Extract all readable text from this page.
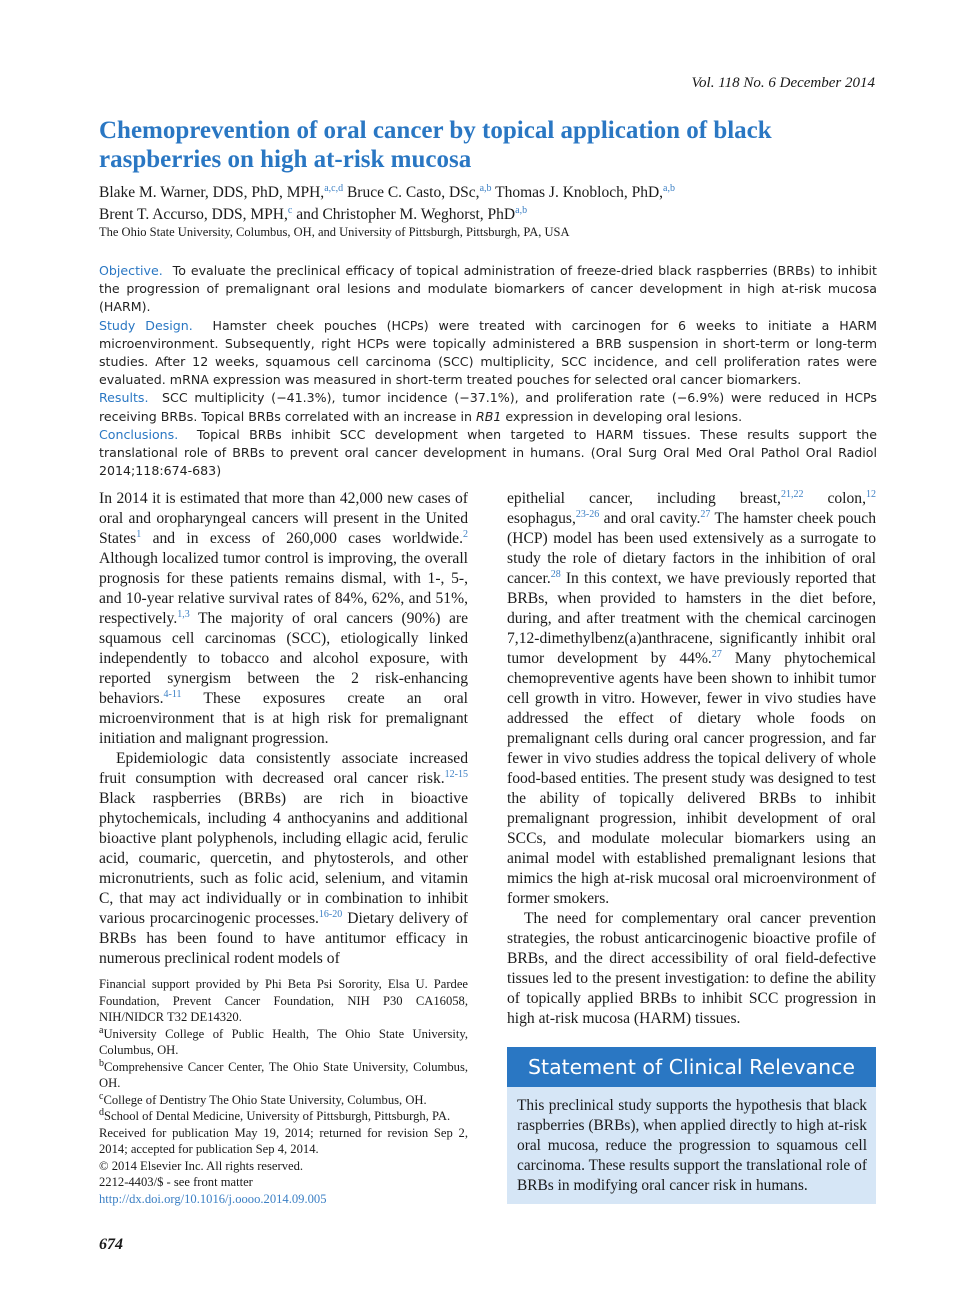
Vol. 118 No. 6 December 2014
Chemoprevention of oral cancer by topical application of black raspberries on high at-risk mucosa
Blake M. Warner, DDS, PhD, MPH,$^{a,c,d}$ Bruce C. Casto, DSc,$^{a,b}$ Thomas J. Knobloch, PhD,$^{a,b}$
Brent T. Accurso, DDS, MPH,$^c$ and Christopher M. Weghorst, PhD$^{a,b}$
The Ohio State University, Columbus, OH, and University of Pittsburgh, Pittsburgh, PA, USA

Objective. To evaluate the preclinical efficacy of topical administration of freeze-dried black raspberries (BRBs) to inhibit the progression of premalignant oral lesions and modulate biomarkers of cancer development in high at-risk mucosa (HARM).

Study Design. Hamster cheek pouches (HCPs) were treated with carcinogen for 6 weeks to initiate a HARM microenvironment. Subsequently, right HCPs were topically administered a BRB suspension in short-term or long-term studies. After 12 weeks, squamous cell carcinoma (SCC) multiplicity, SCC incidence, and cell proliferation rates were evaluated. mRNA expression was measured in short-term treated pouches for selected oral cancer biomarkers.

Results. SCC multiplicity (−41.3%), tumor incidence (−37.1%), and proliferation rate (−6.9%) were reduced in HCPs receiving BRBs. Topical BRBs correlated with an increase in RB1 expression in developing oral lesions.

Conclusions. Topical BRBs inhibit SCC development when targeted to HARM tissues. These results support the translational role of BRBs to prevent oral cancer development in humans. (Oral Surg Oral Med Oral Pathol Oral Radiol 2014;118:674-683)

In 2014 it is estimated that more than 42,000 new cases of oral and oropharyngeal cancers will present in the United States$^1$ and in excess of 260,000 cases worldwide.$^2$ Although localized tumor control is improving, the overall prognosis for these patients remains dismal, with 1-, 5-, and 10-year relative survival rates of 84%, 62%, and 51%, respectively.$^{1,3}$ The majority of oral cancers (90%) are squamous cell carcinomas (SCC), etiologically linked independently to tobacco and alcohol exposure, with reported synergism between the 2 risk-enhancing behaviors.$^{4-11}$ These exposures create an oral microenvironment that is at high risk for premalignant initiation and malignant progression.

Epidemiologic data consistently associate increased fruit consumption with decreased oral cancer risk.$^{12-15}$ Black raspberries (BRBs) are rich in bioactive phytochemicals, including 4 anthocyanins and additional bioactive plant polyphenols, including ellagic acid, ferulic acid, coumaric, quercetin, and phytosterols, and other micronutrients, such as folic acid, selenium, and vitamin C, that may act individually or in combination to inhibit various procarcinogenic processes.$^{16-20}$ Dietary delivery of BRBs has been found to have antitumor efficacy in numerous preclinical rodent models of

Financial support provided by Phi Beta Psi Sorority, Elsa U. Pardee Foundation, Prevent Cancer Foundation, NIH P30 CA16058, NIH/NIDCR T32 DE14320.

$^a$University College of Public Health, The Ohio State University, Columbus, OH.

$^b$Comprehensive Cancer Center, The Ohio State University, Columbus, OH.

$^c$College of Dentistry The Ohio State University, Columbus, OH.

$^d$School of Dental Medicine, University of Pittsburgh, Pittsburgh, PA.

Received for publication May 19, 2014; returned for revision Sep 2, 2014; accepted for publication Sep 4, 2014.

© 2014 Elsevier Inc. All rights reserved.

2212-4403/$ - see front matter

http://dx.doi.org/10.1016/j.oooo.2014.09.005

epithelial cancer, including breast,$^{21,22}$ colon,$^{12}$ esophagus,$^{23-26}$ and oral cavity.$^{27}$ The hamster cheek pouch (HCP) model has been used extensively as a surrogate to study the role of dietary factors in the inhibition of oral cancer.$^{28}$ In this context, we have previously reported that BRBs, when provided to hamsters in the diet before, during, and after treatment with the chemical carcinogen 7,12-dimethylbenz(a)anthracene, significantly inhibit oral tumor development by 44%.$^{27}$ Many phytochemical chemopreventive agents have been shown to inhibit tumor cell growth in vitro. However, fewer in vivo studies have addressed the effect of dietary whole foods on premalignant cells during oral cancer progression, and far fewer in vivo studies address the topical delivery of whole food-based entities. The present study was designed to test the ability of topically delivered BRBs to inhibit premalignant progression, inhibit development of oral SCCs, and modulate molecular biomarkers using an animal model with established premalignant lesions that mimics the high at-risk mucosal oral microenvironment of former smokers.

The need for complementary oral cancer prevention strategies, the robust anticarcinogenic bioactive profile of BRBs, and the direct accessibility of oral field-defective tissues led to the present investigation: to define the ability of topically applied BRBs to inhibit SCC progression in high at-risk mucosa (HARM) tissues.

Statement of Clinical Relevance
This preclinical study supports the hypothesis that black raspberries (BRBs), when applied directly to high at-risk oral mucosa, reduce the progression to squamous cell carcinoma. These results support the translational role of BRBs in modifying oral cancer risk in humans.
674
